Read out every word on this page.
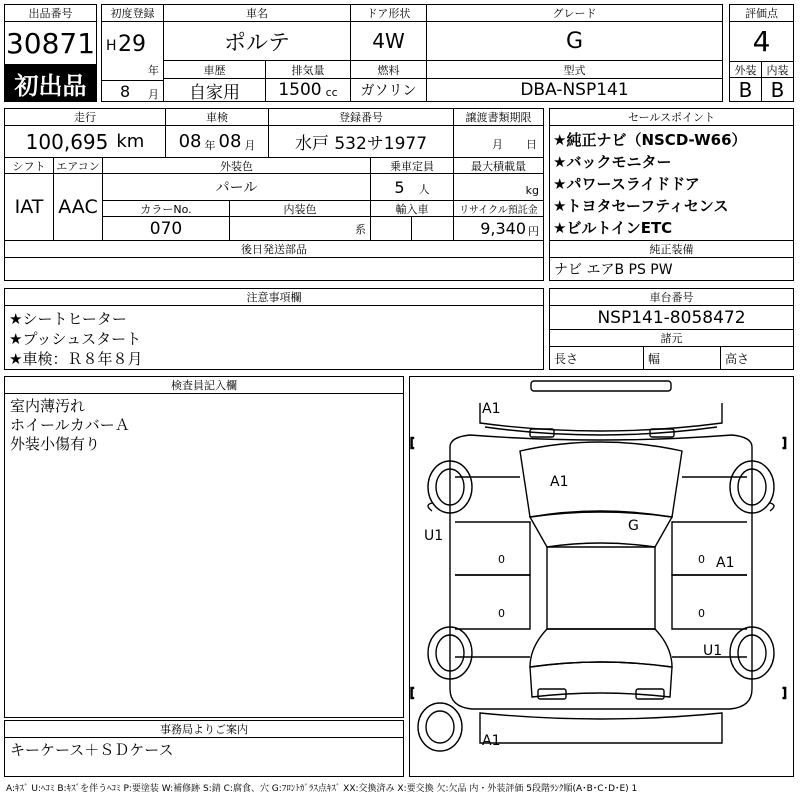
出品番号
30871
初出品
初度登録
H 29
年
8 月
車名
ポルテ
ドア形状
4W
グレード
G
評価点
4
外装 内装
B B
車歴
自家用
排気量
1500 cc
燃料
ガソリン
型式
DBA-NSP141
走行
100,695 km
車検
08 年 08 月
登録番号
水戸 532サ1977
譲渡書類期限
月 日
シフト
IAT
エアコン
AAC
外装色
パール
乗車定員
5 人
最大積載量
kg
カラーNo.
070
内装色
系
輸入車	リサイクル預託金
9,340 円
後日発送部品
セールスポイント
★純正ナビ（NSCD-W66）
★バックモニター
★パワースライドドア
★トヨタセーフティセンス
★ビルトインETC
純正装備
ナビ エアB PS PW
注意事項欄
★シートヒーター
★プッシュスタート
★車検：Ｒ８年８月
車台番号
NSP141-8058472
諸元
長さ	幅	高さ
検査員記入欄
室内薄汚れ
ホイールカバーＡ
外装小傷有り
事務局よりご案内
キーケース＋ＳＤケース
[	]
[	]
0
0
0
0
A1
A1
G
U1
A1
U1
A1
A:ｷｽﾞ U:ﾍｺﾐ B:ｷｽﾞを伴うﾍｺﾐ P:要塗装 W:補修跡 S:錆 C:腐食、穴 G:ﾌﾛﾝﾄｶﾞﾗｽ点ｷｽﾞ XX:交換済み X:要交換 欠:欠品 内・外装評価 5段階ﾗﾝｸ順(A･B･C･D･E) 1
